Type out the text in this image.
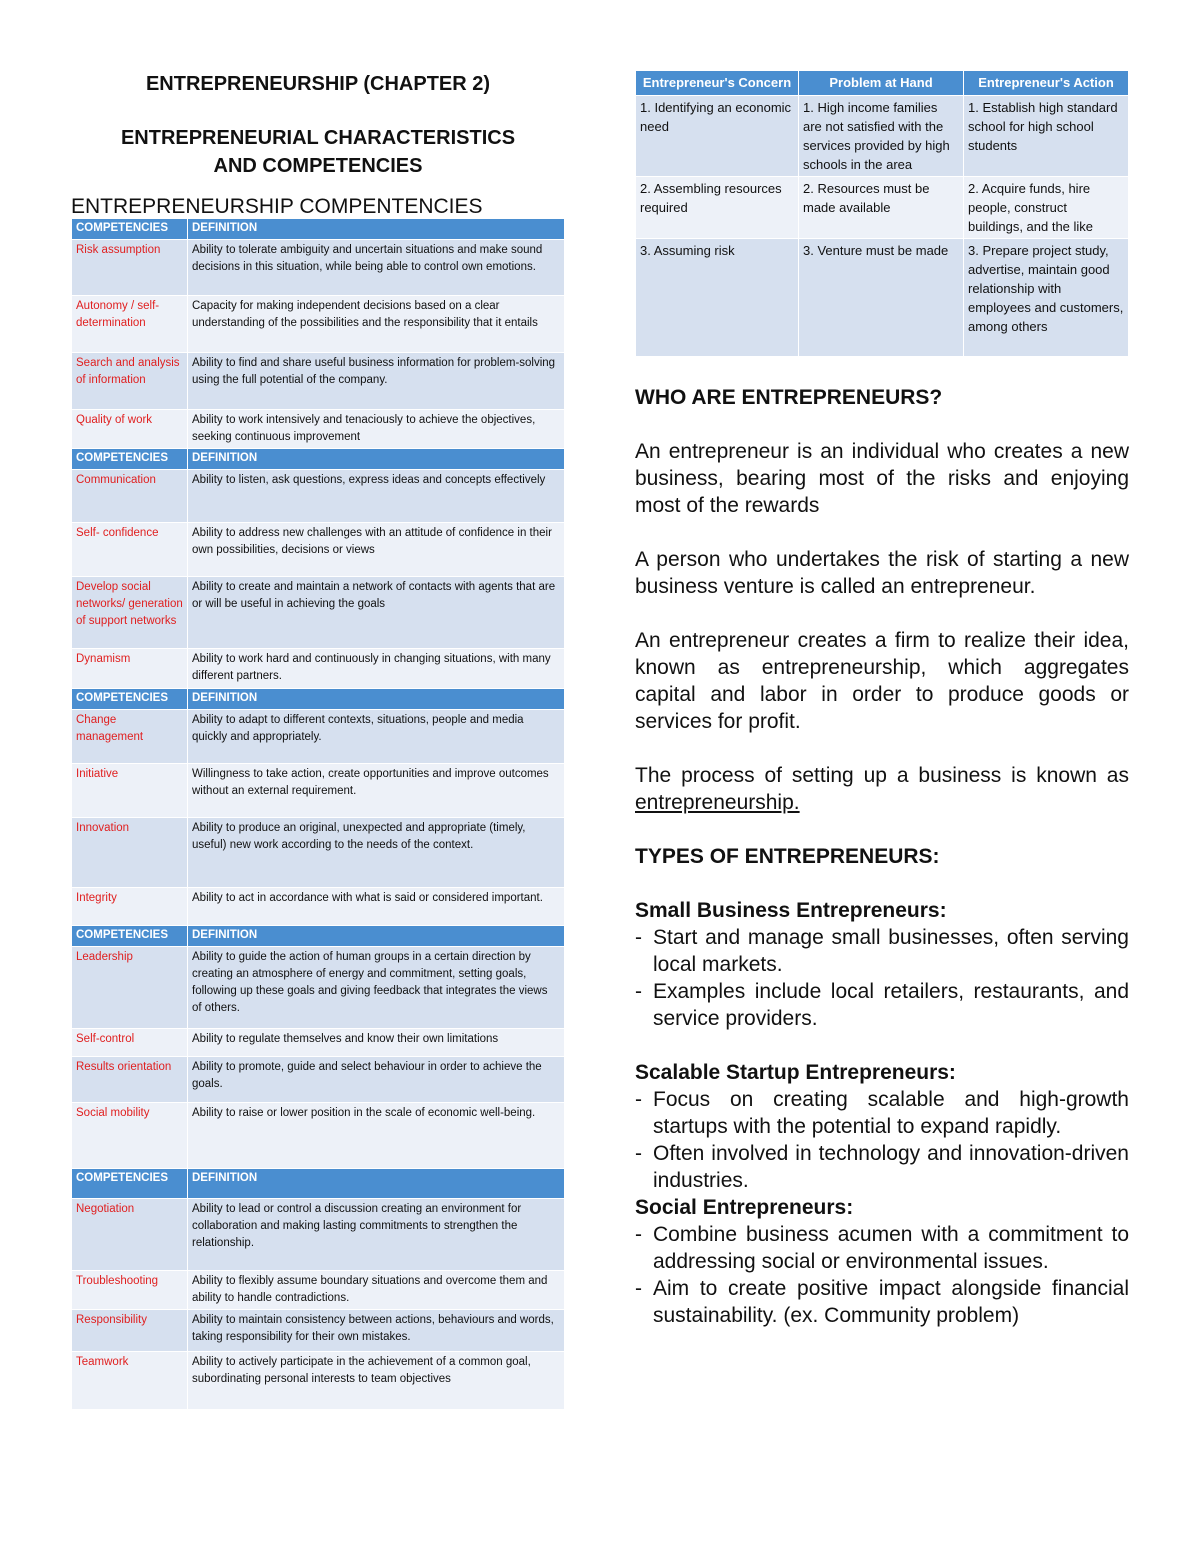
ENTREPRENEURSHIP (CHAPTER 2)

ENTREPRENEURIAL CHARACTERISTICS

AND COMPETENCIES

ENTREPRENEURSHIP COMPENTENCIES
COMPETENCIES	DEFINITION
Risk assumption	Ability to tolerate ambiguity and uncertain situations and make sound decisions in this situation, while being able to control own emotions.
Autonomy / self-determination	Capacity for making independent decisions based on a clear understanding of the possibilities and the responsibility that it entails
Search and analysis of information	Ability to find and share useful business information for problem-solving using the full potential of the company.
Quality of work	Ability to work intensively and tenaciously to achieve the objectives, seeking continuous improvement
COMPETENCIES	DEFINITION
Communication	Ability to listen, ask questions, express ideas and concepts effectively
Self- confidence	Ability to address new challenges with an attitude of confidence in their own possibilities, decisions or views
Develop social networks/ generation of support networks	Ability to create and maintain a network of contacts with agents that are or will be useful in achieving the goals
Dynamism	Ability to work hard and continuously in changing situations, with many different partners.
COMPETENCIES	DEFINITION
Change management	Ability to adapt to different contexts, situations, people and media quickly and appropriately.
Initiative	Willingness to take action, create opportunities and improve outcomes without an external requirement.
Innovation	Ability to produce an original, unexpected and appropriate (timely, useful) new work according to the needs of the context.
Integrity	Ability to act in accordance with what is said or considered important.
COMPETENCIES	DEFINITION
Leadership	Ability to guide the action of human groups in a certain direction by creating an atmosphere of energy and commitment, setting goals, following up these goals and giving feedback that integrates the views of others.
Self-control	Ability to regulate themselves and know their own limitations
Results orientation	Ability to promote, guide and select behaviour in order to achieve the goals.
Social mobility	Ability to raise or lower position in the scale of economic well-being.
COMPETENCIES	DEFINITION
Negotiation	Ability to lead or control a discussion creating an environment for collaboration and making lasting commitments to strengthen the relationship.
Troubleshooting	Ability to flexibly assume boundary situations and overcome them and ability to handle contradictions.
Responsibility	Ability to maintain consistency between actions, behaviours and words, taking responsibility for their own mistakes.
Teamwork	Ability to actively participate in the achievement of a common goal, subordinating personal interests to team objectives
Entrepreneur's Concern	Problem at Hand	Entrepreneur's Action
1. Identifying an economic need	1. High income families are not satisfied with the services provided by high schools in the area	1. Establish high standard school for high school students
2. Assembling resources required	2. Resources must be made available	2. Acquire funds, hire people, construct buildings, and the like
3. Assuming risk	3. Venture must be made	3. Prepare project study, advertise, maintain good relationship with employees and customers, among others

WHO ARE ENTREPRENEURS?

An entrepreneur is an individual who creates a new business, bearing most of the risks and enjoying most of the rewards

A person who undertakes the risk of starting a new business venture is called an entrepreneur.

An entrepreneur creates a firm to realize their idea, known as entrepreneurship, which aggregates capital and labor in order to produce goods or services for profit.

The process of setting up a business is known as entrepreneurship.

TYPES OF ENTREPRENEURS:

Small Business Entrepreneurs:

- Start and manage small businesses, often serving local markets.
- Examples include local retailers, restaurants, and service providers.

Scalable Startup Entrepreneurs:

- Focus on creating scalable and high-growth startups with the potential to expand rapidly.
- Often involved in technology and innovation-driven industries.

Social Entrepreneurs:

- Combine business acumen with a commitment to addressing social or environmental issues.
- Aim to create positive impact alongside financial sustainability. (ex. Community problem)
